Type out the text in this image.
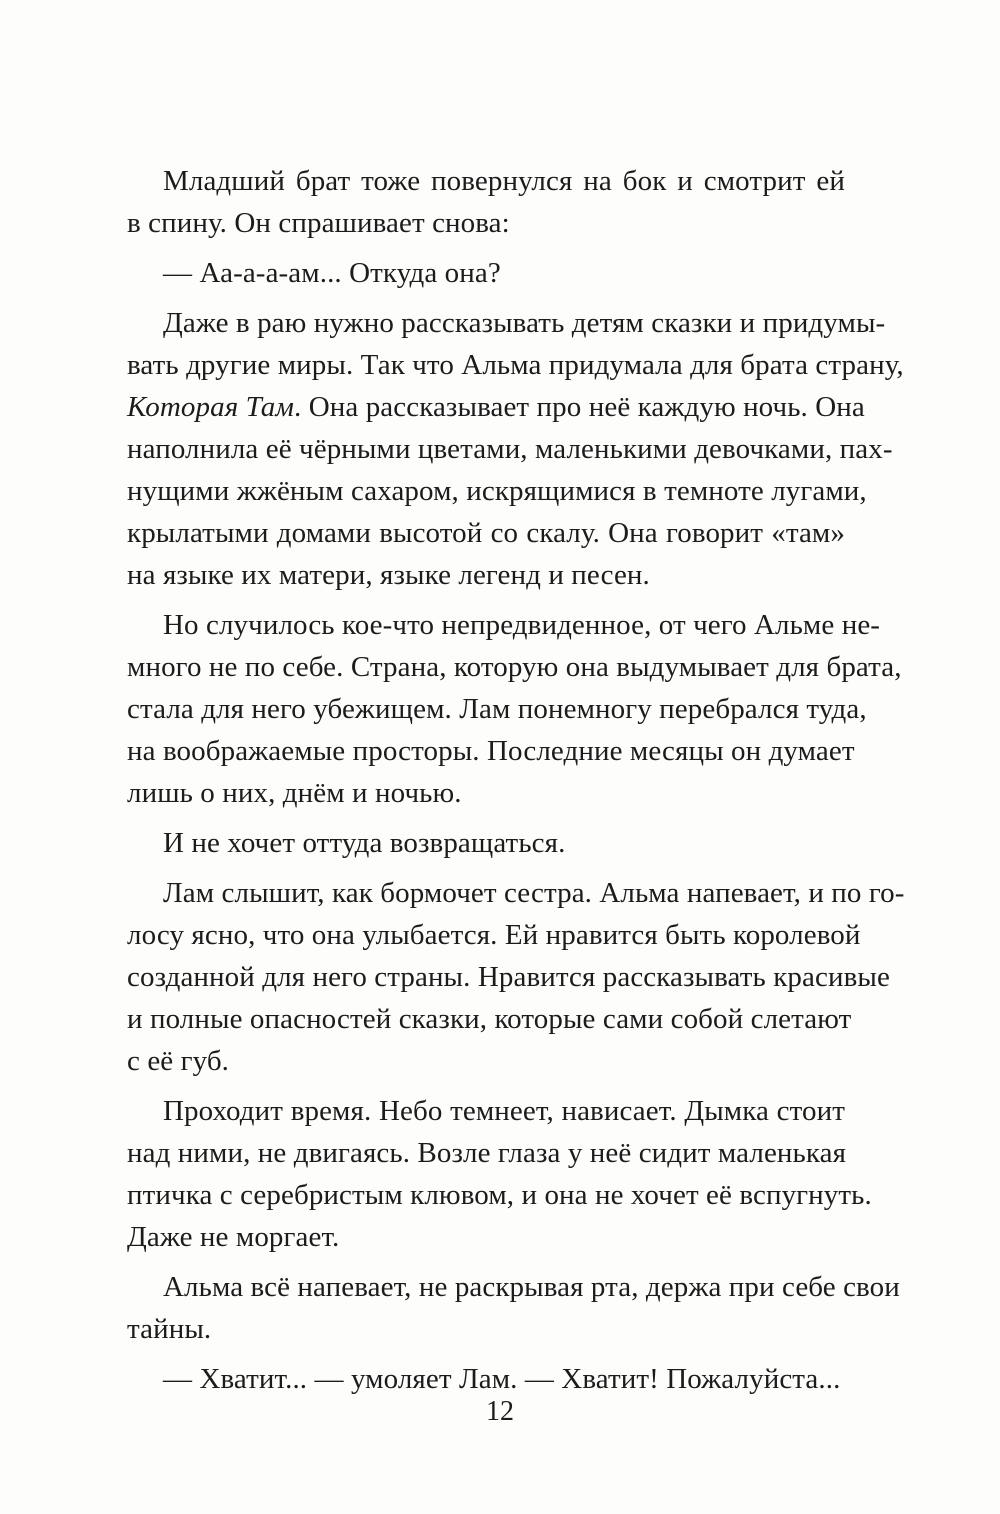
Младший брат тоже повернулся на бок и смотрит ей
в спину. Он спрашивает снова:
— Аа-а-а-ам... Откуда она?
Даже в раю нужно рассказывать детям сказки и придумы-
вать другие миры. Так что Альма придумала для брата страну,
Которая Там. Она рассказывает про неё каждую ночь. Она
наполнила её чёрными цветами, маленькими девочками, пах-
нущими жжёным сахаром, искрящимися в темноте лугами,
крылатыми домами высотой со скалу. Она говорит «там»
на языке их матери, языке легенд и песен.
Но случилось кое-что непредвиденное, от чего Альме не-
много не по себе. Страна, которую она выдумывает для брата,
стала для него убежищем. Лам понемногу перебрался туда,
на воображаемые просторы. Последние месяцы он думает
лишь о них, днём и ночью.
И не хочет оттуда возвращаться.
Лам слышит, как бормочет сестра. Альма напевает, и по го-
лосу ясно, что она улыбается. Ей нравится быть королевой
созданной для него страны. Нравится рассказывать красивые
и полные опасностей сказки, которые сами собой слетают
с её губ.
Проходит время. Небо темнеет, нависает. Дымка стоит
над ними, не двигаясь. Возле глаза у неё сидит маленькая
птичка с серебристым клювом, и она не хочет её вспугнуть.
Даже не моргает.
Альма всё напевает, не раскрывая рта, держа при себе свои
тайны.
— Хватит... — умоляет Лам. — Хватит! Пожалуйста...
12
